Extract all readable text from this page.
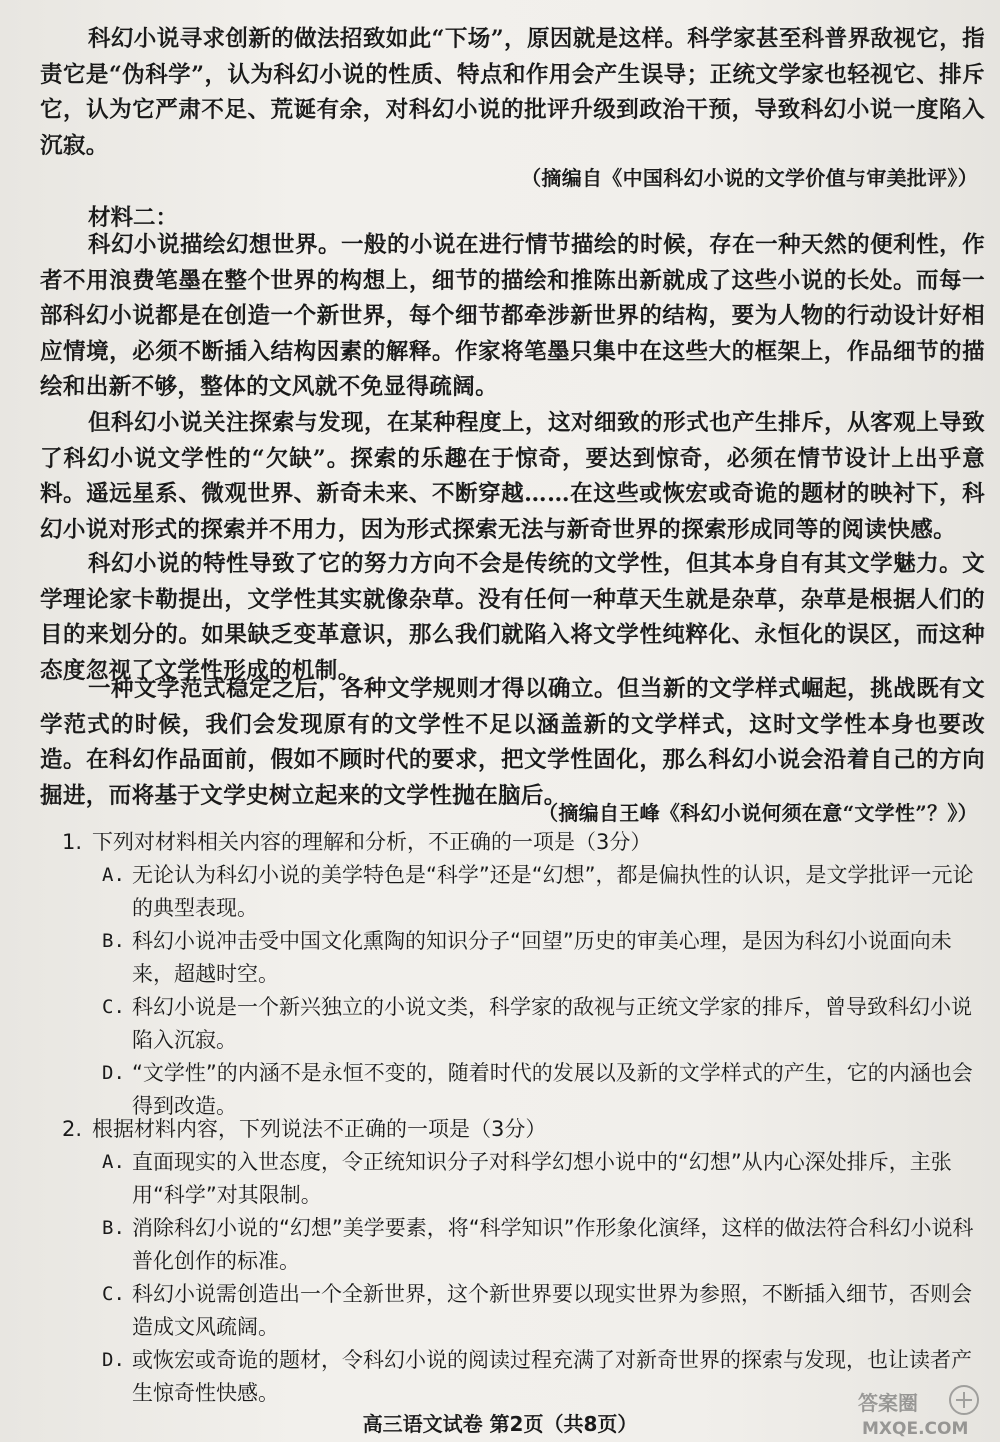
科幻小说寻求创新的做法招致如此“下场”，原因就是这样。科学家甚至科普界敌视它，指责它是“伪科学”，认为科幻小说的性质、特点和作用会产生误导；正统文学家也轻视它、排斥它，认为它严肃不足、荒诞有余，对科幻小说的批评升级到政治干预，导致科幻小说一度陷入沉寂。

（摘编自《中国科幻小说的文学价值与审美批评》）
材料二：

科幻小说描绘幻想世界。一般的小说在进行情节描绘的时候，存在一种天然的便利性，作者不用浪费笔墨在整个世界的构想上，细节的描绘和推陈出新就成了这些小说的长处。而每一部科幻小说都是在创造一个新世界，每个细节都牵涉新世界的结构，要为人物的行动设计好相应情境，必须不断插入结构因素的解释。作家将笔墨只集中在这些大的框架上，作品细节的描绘和出新不够，整体的文风就不免显得疏阔。

但科幻小说关注探索与发现，在某种程度上，这对细致的形式也产生排斥，从客观上导致了科幻小说文学性的“欠缺”。探索的乐趣在于惊奇，要达到惊奇，必须在情节设计上出乎意料。遥远星系、微观世界、新奇未来、不断穿越……在这些或恢宏或奇诡的题材的映衬下，科幻小说对形式的探索并不用力，因为形式探索无法与新奇世界的探索形成同等的阅读快感。

科幻小说的特性导致了它的努力方向不会是传统的文学性，但其本身自有其文学魅力。文学理论家卡勒提出，文学性其实就像杂草。没有任何一种草天生就是杂草，杂草是根据人们的目的来划分的。如果缺乏变革意识，那么我们就陷入将文学性纯粹化、永恒化的误区，而这种态度忽视了文学性形成的机制。

一种文学范式稳定之后，各种文学规则才得以确立。但当新的文学样式崛起，挑战既有文学范式的时候，我们会发现原有的文学性不足以涵盖新的文学样式，这时文学性本身也要改造。在科幻作品面前，假如不顾时代的要求，把文学性固化，那么科幻小说会沿着自己的方向掘进，而将基于文学史树立起来的文学性抛在脑后。

（摘编自王峰《科幻小说何须在意“文学性”？》）

1. 下列对材料相关内容的理解和分析，不正确的一项是（3分）

A. 无论认为科幻小说的美学特色是“科学”还是“幻想”，都是偏执性的认识，是文学批评一元论的典型表现。

B. 科幻小说冲击受中国文化熏陶的知识分子“回望”历史的审美心理，是因为科幻小说面向未来，超越时空。

C. 科幻小说是一个新兴独立的小说文类，科学家的敌视与正统文学家的排斥，曾导致科幻小说陷入沉寂。

D. “文学性”的内涵不是永恒不变的，随着时代的发展以及新的文学样式的产生，它的内涵也会得到改造。

2. 根据材料内容，下列说法不正确的一项是（3分）

A. 直面现实的入世态度，令正统知识分子对科学幻想小说中的“幻想”从内心深处排斥，主张用“科学”对其限制。

B. 消除科幻小说的“幻想”美学要素，将“科学知识”作形象化演绎，这样的做法符合科幻小说科普化创作的标准。

C. 科幻小说需创造出一个全新世界，这个新世界要以现实世界为参照，不断插入细节，否则会造成文风疏阔。

D. 或恢宏或奇诡的题材，令科幻小说的阅读过程充满了对新奇世界的探索与发现，也让读者产生惊奇性快感。

高三语文试卷 第2页（共8页）
答案圈
MXQE.COM
